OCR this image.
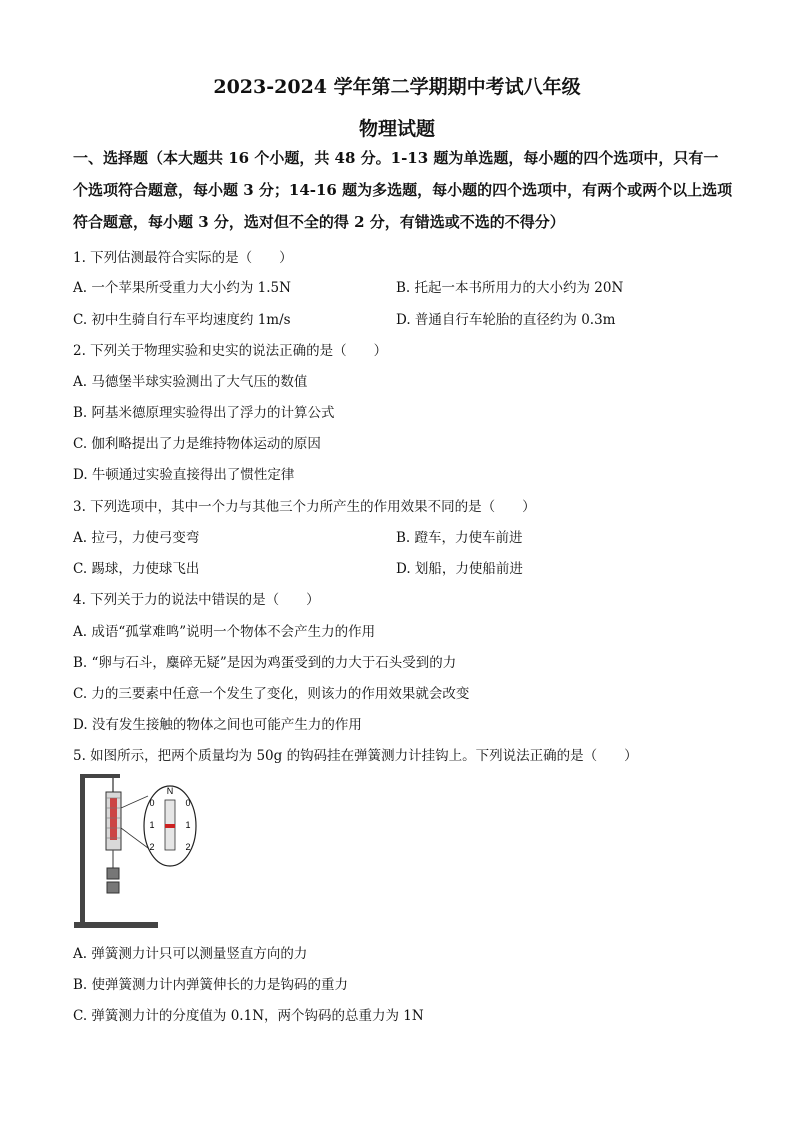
2023-2024 学年第二学期期中考试八年级
物理试题
一、选择题（本大题共 16 个小题，共 48 分。1-13 题为单选题，每小题的四个选项中，只有一个选项符合题意，每小题 3 分；14-16 题为多选题，每小题的四个选项中，有两个或两个以上选项符合题意，每小题 3 分，选对但不全的得 2 分，有错选或不选的不得分）
1. 下列估测最符合实际的是（　　）
A. 一个苹果所受重力大小约为 1.5N	B. 托起一本书所用力的大小约为 20N
C. 初中生骑自行车平均速度约 1m/s	D. 普通自行车轮胎的直径约为 0.3m
2. 下列关于物理实验和史实的说法正确的是（　　）
A. 马德堡半球实验测出了大气压的数值
B. 阿基米德原理实验得出了浮力的计算公式
C. 伽利略提出了力是维持物体运动的原因
D. 牛顿通过实验直接得出了惯性定律
3. 下列选项中，其中一个力与其他三个力所产生的作用效果不同的是（　　）
A. 拉弓，力使弓变弯	B. 蹬车，力使车前进
C. 踢球，力使球飞出	D. 划船，力使船前进
4. 下列关于力的说法中错误的是（　　）
A. 成语“孤掌难鸣”说明一个物体不会产生力的作用
B. “卵与石斗，麋碎无疑”是因为鸡蛋受到的力大于石头受到的力
C. 力的三要素中任意一个发生了变化，则该力的作用效果就会改变
D. 没有发生接触的物体之间也可能产生力的作用
5. 如图所示，把两个质量均为 50g 的钩码挂在弹簧测力计挂钩上。下列说法正确的是（　　）
N
0
1
2
0
1
2
A. 弹簧测力计只可以测量竖直方向的力
B. 使弹簧测力计内弹簧伸长的力是钩码的重力
C. 弹簧测力计的分度值为 0.1N，两个钩码的总重力为 1N
